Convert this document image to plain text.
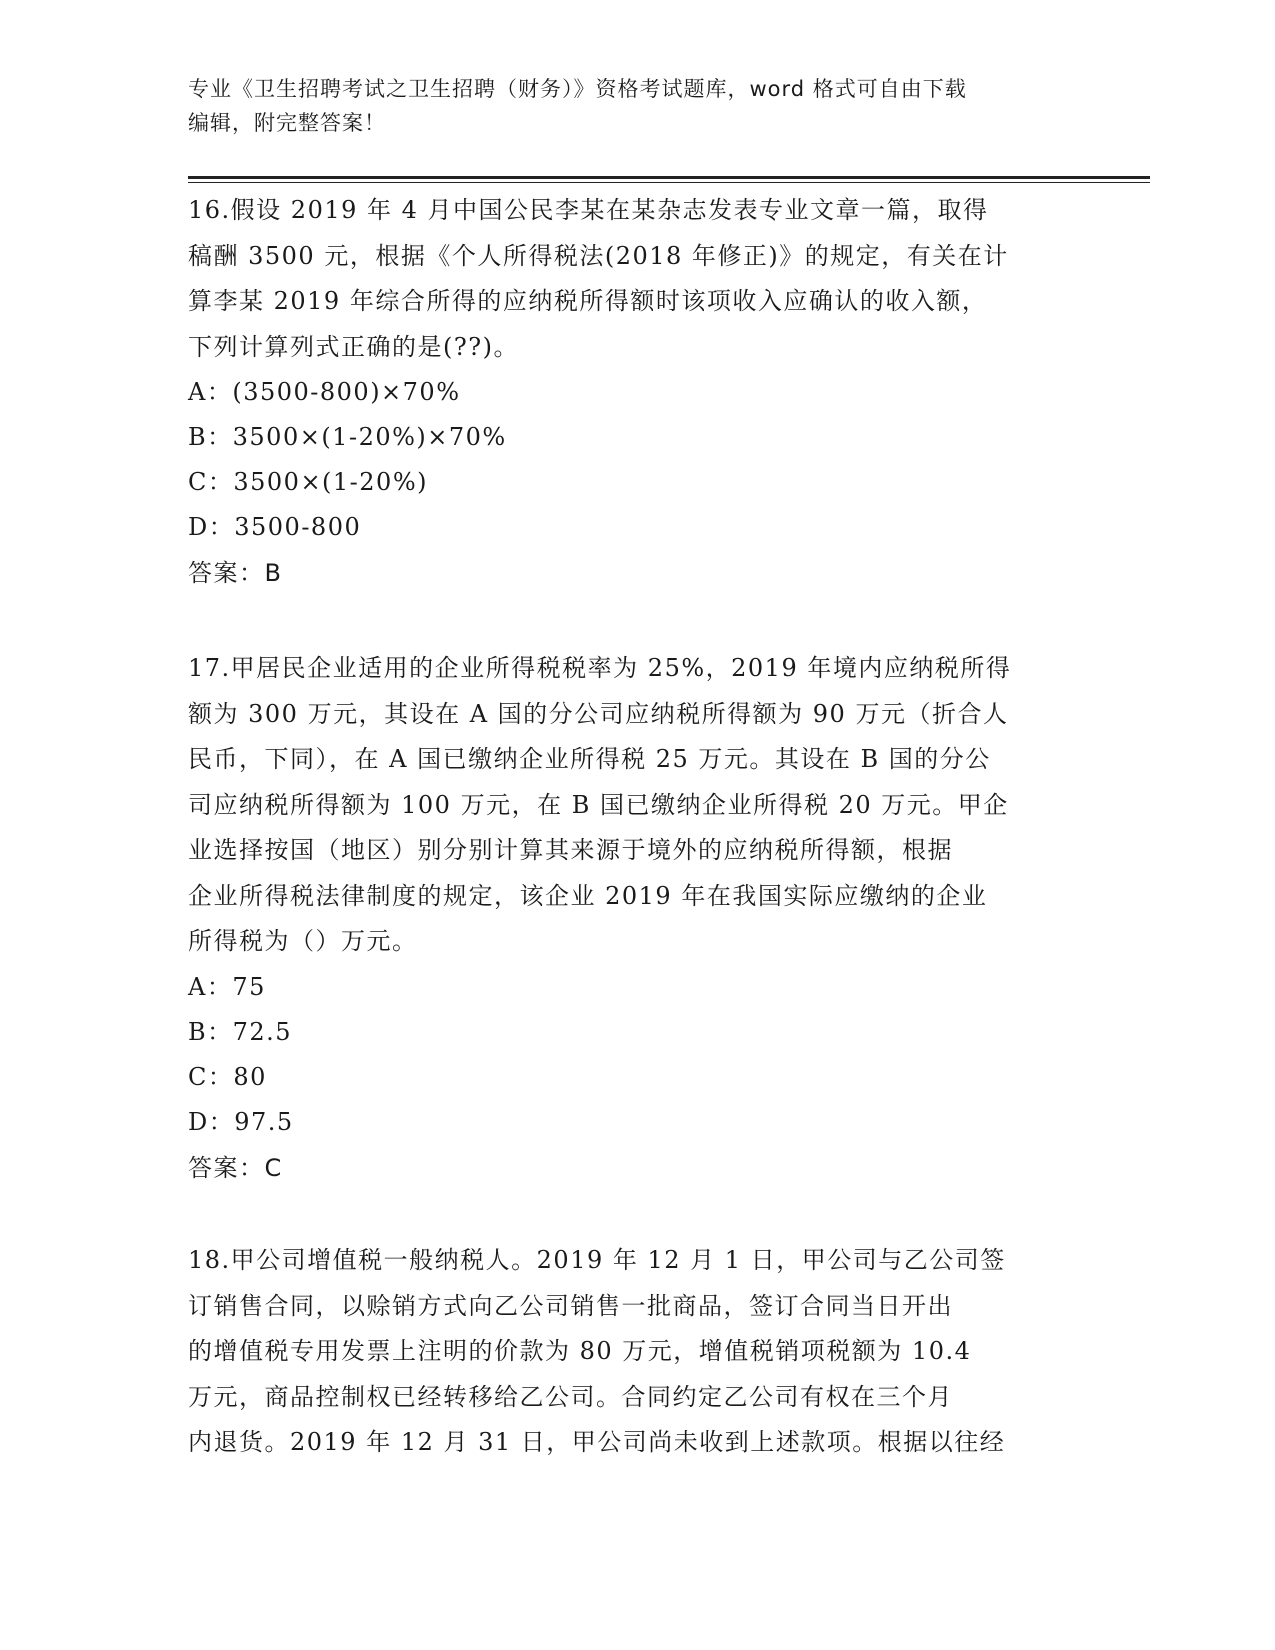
专业《卫生招聘考试之卫生招聘（财务）》资格考试题库，word 格式可自由下载
编辑，附完整答案！
16.假设 2019 年 4 月中国公民李某在某杂志发表专业文章一篇，取得
稿酬 3500 元，根据《个人所得税法(2018 年修正)》的规定，有关在计
算李某 2019 年综合所得的应纳税所得额时该项收入应确认的收入额，
下列计算列式正确的是(??)。
A：(3500-800)×70%
B：3500×(1-20%)×70%
C：3500×(1-20%)
D：3500-800
答案：B
17.甲居民企业适用的企业所得税税率为 25%，2019 年境内应纳税所得
额为 300 万元，其设在 A 国的分公司应纳税所得额为 90 万元（折合人
民币，下同），在 A 国已缴纳企业所得税 25 万元。其设在 B 国的分公
司应纳税所得额为 100 万元，在 B 国已缴纳企业所得税 20 万元。甲企
业选择按国（地区）别分别计算其来源于境外的应纳税所得额，根据
企业所得税法律制度的规定，该企业 2019 年在我国实际应缴纳的企业
所得税为（）万元。
A：75
B：72.5
C：80
D：97.5
答案：C
18.甲公司增值税一般纳税人。2019 年 12 月 1 日，甲公司与乙公司签
订销售合同，以赊销方式向乙公司销售一批商品，签订合同当日开出
的增值税专用发票上注明的价款为 80 万元，增值税销项税额为 10.4
万元，商品控制权已经转移给乙公司。合同约定乙公司有权在三个月
内退货。2019 年 12 月 31 日，甲公司尚未收到上述款项。根据以往经
